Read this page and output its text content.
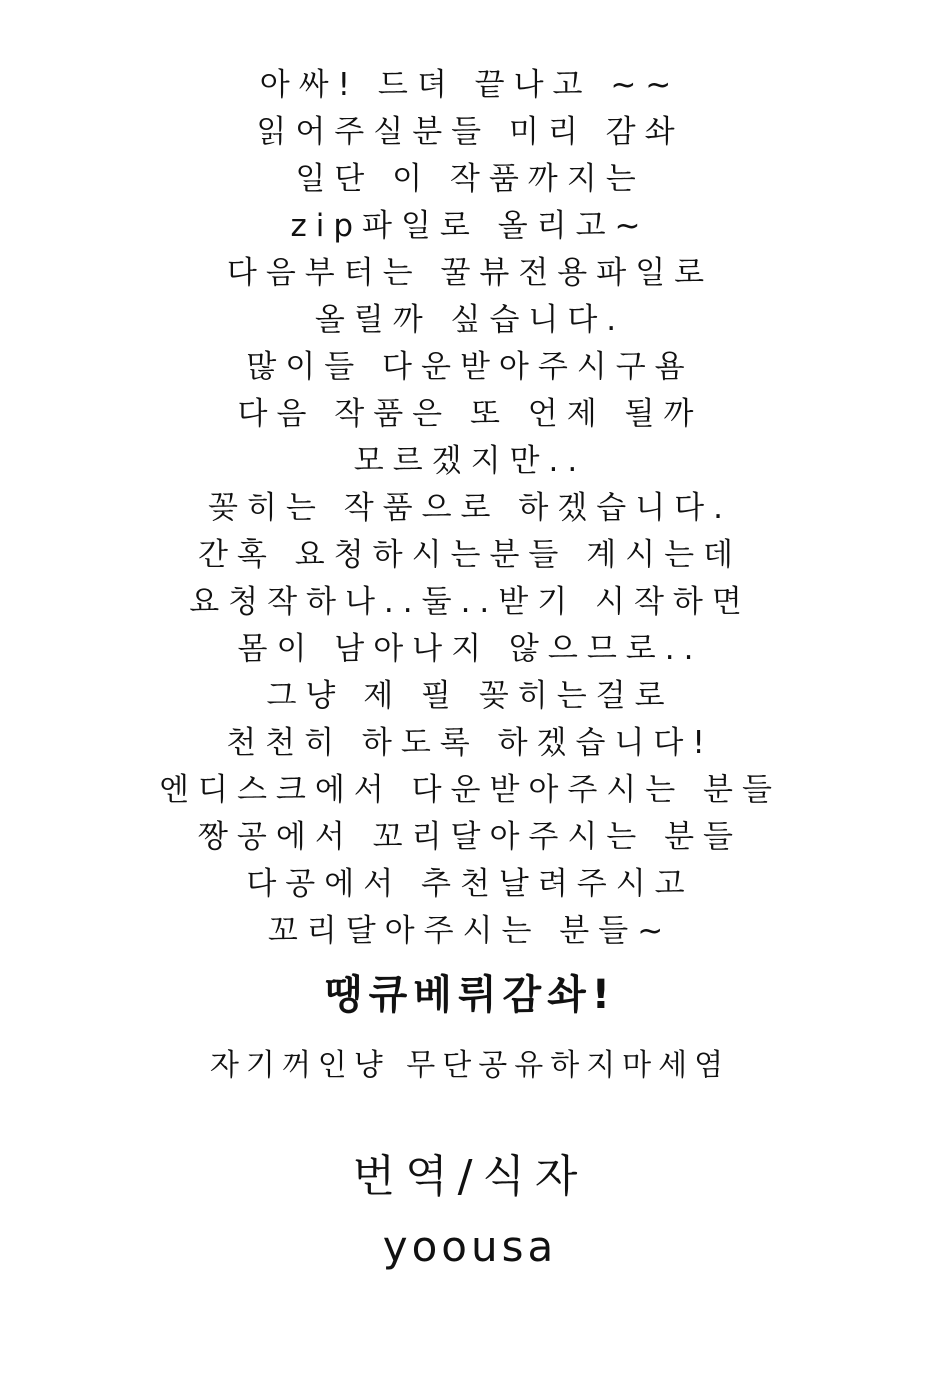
아싸! 드뎌 끝나고 ~~
읽어주실분들 미리 감솨
일단 이 작품까지는
zip파일로 올리고~
다음부터는 꿀뷰전용파일로
올릴까 싶습니다.
많이들 다운받아주시구욤
다음 작품은 또 언제 될까
모르겠지만..
꽂히는 작품으로 하겠습니다.
간혹 요청하시는분들 계시는데
요청작하나..둘..받기 시작하면
몸이 남아나지 않으므로..
그냥 제 필 꽂히는걸로
천천히 하도록 하겠습니다!
엔디스크에서 다운받아주시는 분들
짱공에서 꼬리달아주시는 분들
다공에서 추천날려주시고
꼬리달아주시는 분들~
땡큐베뤼감솨!
자기꺼인냥 무단공유하지마세염
번역/식자
yoousa
